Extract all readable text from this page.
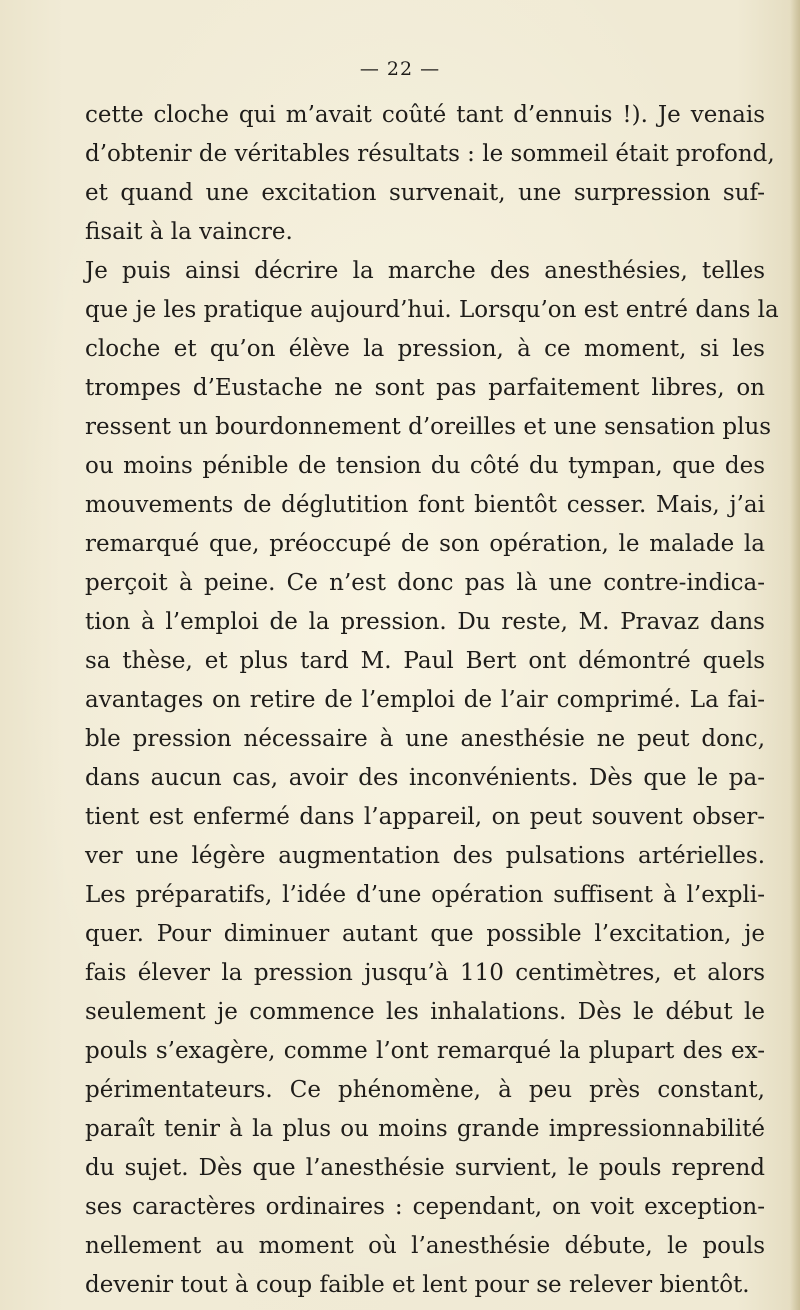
— 22 —
cette cloche qui m’avait coûté tant d’ennuis !). Je venais
d’obtenir de véritables résultats : le sommeil était profond,
et quand une excitation survenait, une surpression suf-
fisait à la vaincre.
Je puis ainsi décrire la marche des anesthésies, telles
que je les pratique aujourd’hui. Lorsqu’on est entré dans la
cloche et qu’on élève la pression, à ce moment, si les
trompes d’Eustache ne sont pas parfaitement libres, on
ressent un bourdonnement d’oreilles et une sensation plus
ou moins pénible de tension du côté du tympan, que des
mouvements de déglutition font bientôt cesser. Mais, j’ai
remarqué que, préoccupé de son opération, le malade la
perçoit à peine. Ce n’est donc pas là une contre-indica-
tion à l’emploi de la pression. Du reste, M. Pravaz dans
sa thèse, et plus tard M. Paul Bert ont démontré quels
avantages on retire de l’emploi de l’air comprimé. La fai-
ble pression nécessaire à une anesthésie ne peut donc,
dans aucun cas, avoir des inconvénients. Dès que le pa-
tient est enfermé dans l’appareil, on peut souvent obser-
ver une légère augmentation des pulsations artérielles.
Les préparatifs, l’idée d’une opération suffisent à l’expli-
quer. Pour diminuer autant que possible l’excitation, je
fais élever la pression jusqu’à 110 centimètres, et alors
seulement je commence les inhalations. Dès le début le
pouls s’exagère, comme l’ont remarqué la plupart des ex-
périmentateurs. Ce phénomène, à peu près constant,
paraît tenir à la plus ou moins grande impressionnabilité
du sujet. Dès que l’anesthésie survient, le pouls reprend
ses caractères ordinaires : cependant, on voit exception-
nellement au moment où l’anesthésie débute, le pouls
devenir tout à coup faible et lent pour se relever bientôt.
